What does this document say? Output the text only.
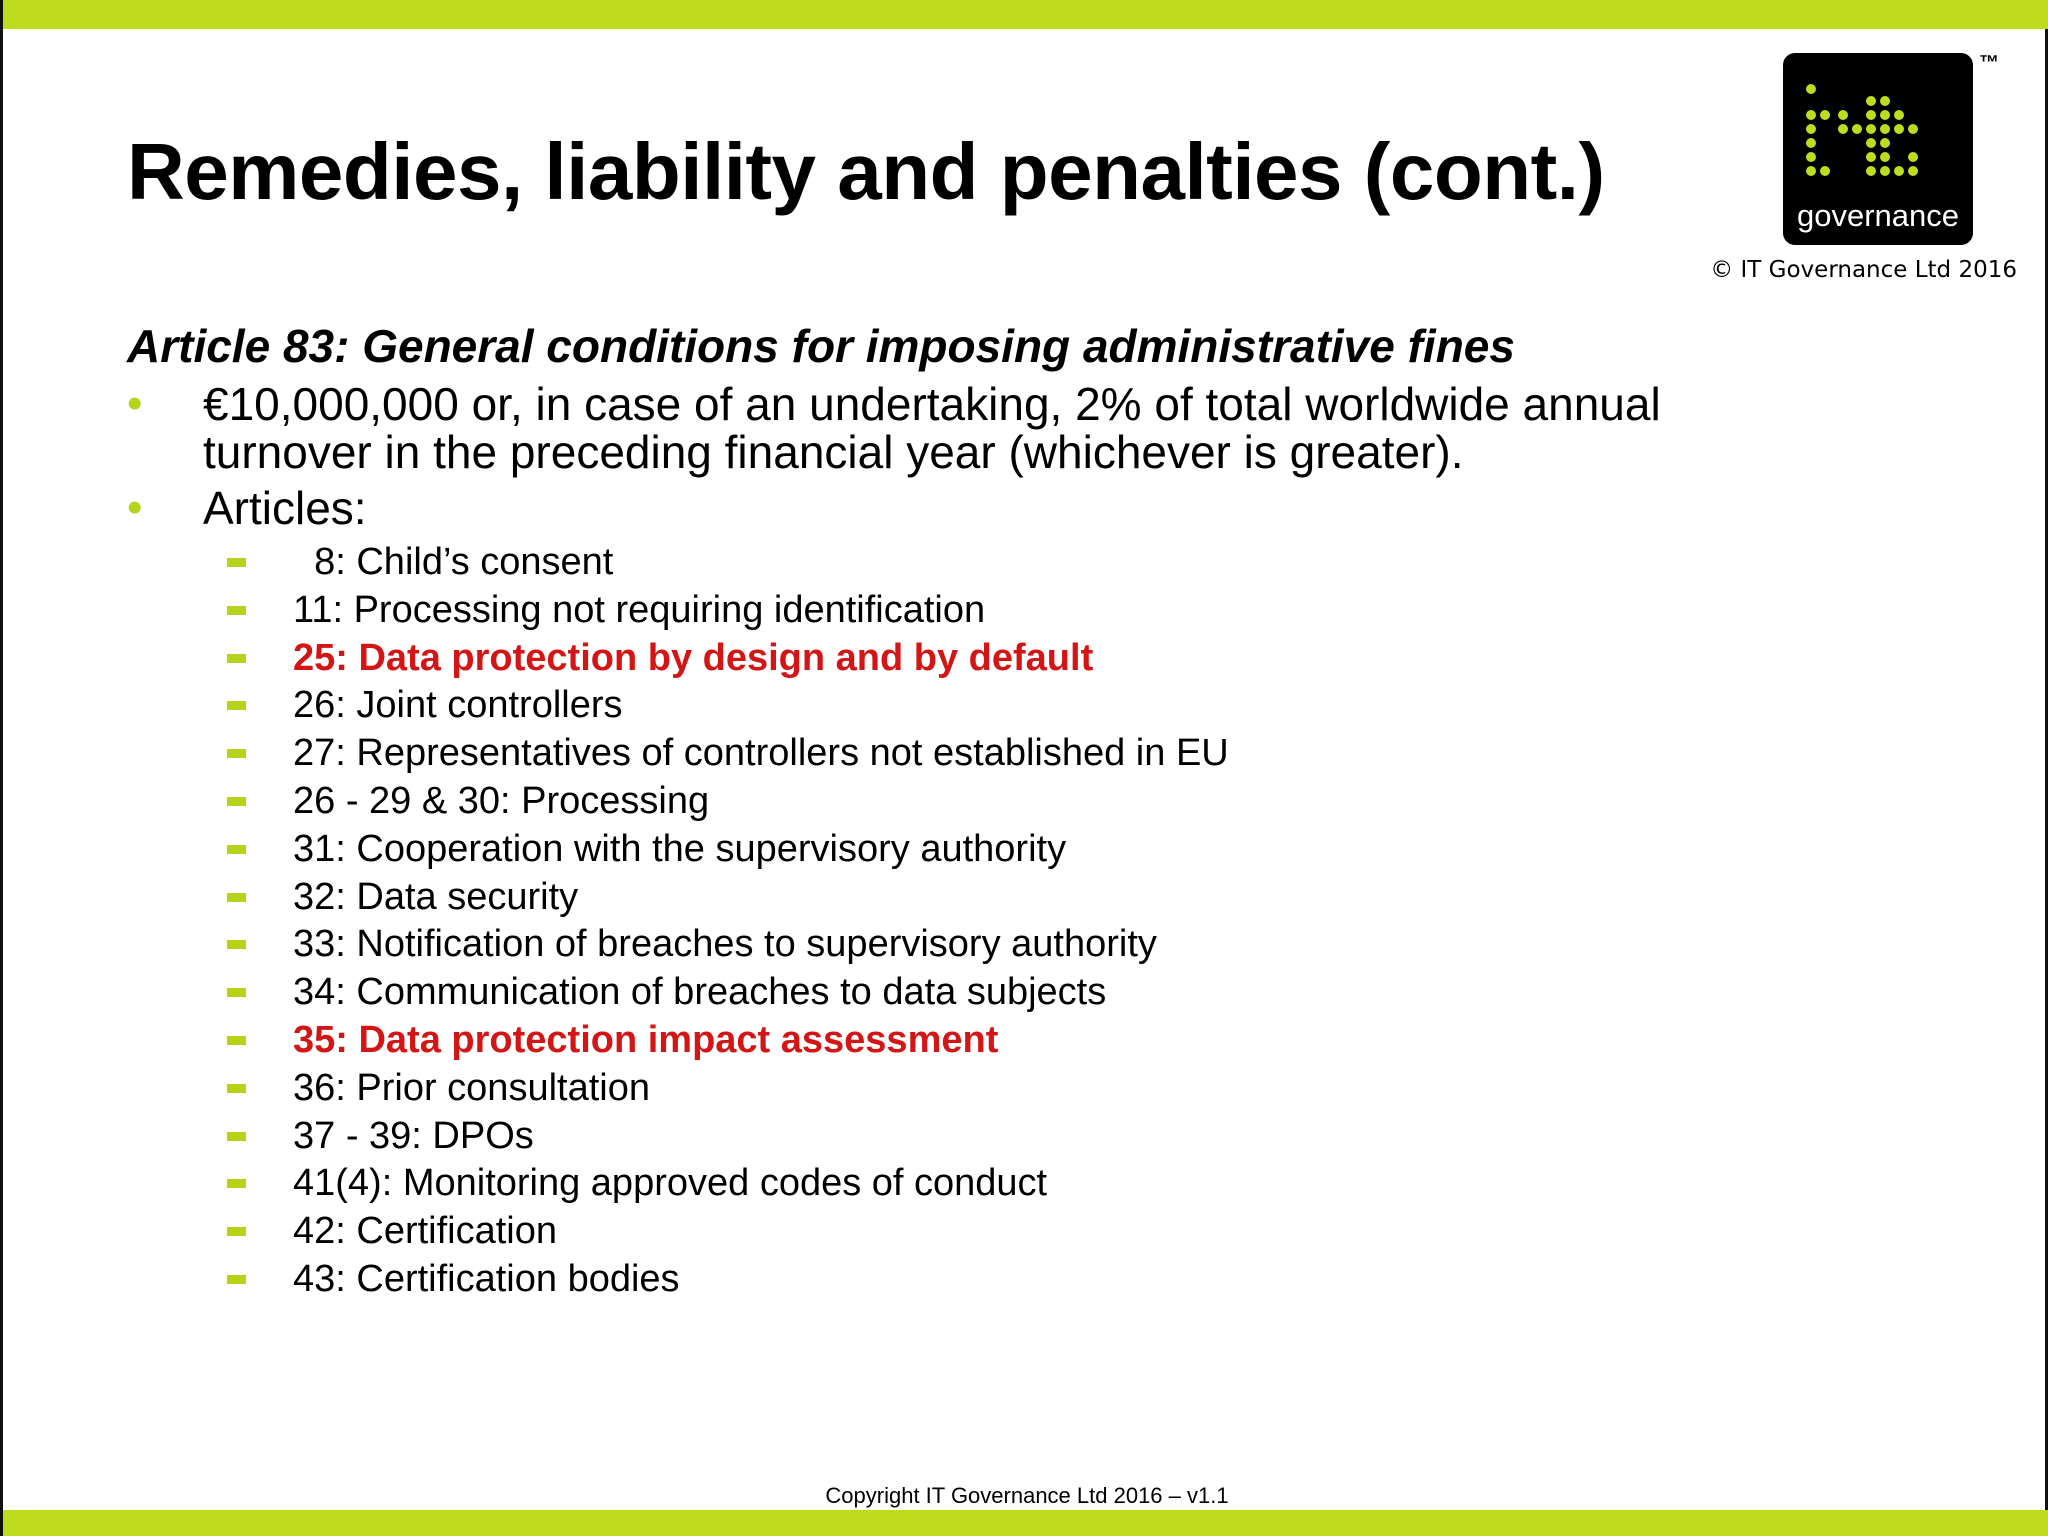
Remedies, liability and penalties (cont.)	governance
™
© IT Governance Ltd 2016
Article 83: General conditions for imposing administrative fines
• €10,000,000 or, in case of an undertaking, 2% of total worldwide annual
turnover in the preceding financial year (whichever is greater).
• Articles:
8: Child’s consent
11: Processing not requiring identification
25: Data protection by design and by default
26: Joint controllers
27: Representatives of controllers not established in EU
26 - 29 & 30: Processing
31: Cooperation with the supervisory authority
32: Data security
33: Notification of breaches to supervisory authority
34: Communication of breaches to data subjects
35: Data protection impact assessment
36: Prior consultation
37 - 39: DPOs
41(4): Monitoring approved codes of conduct
42: Certification
43: Certification bodies
Copyright IT Governance Ltd 2016 – v1.1
